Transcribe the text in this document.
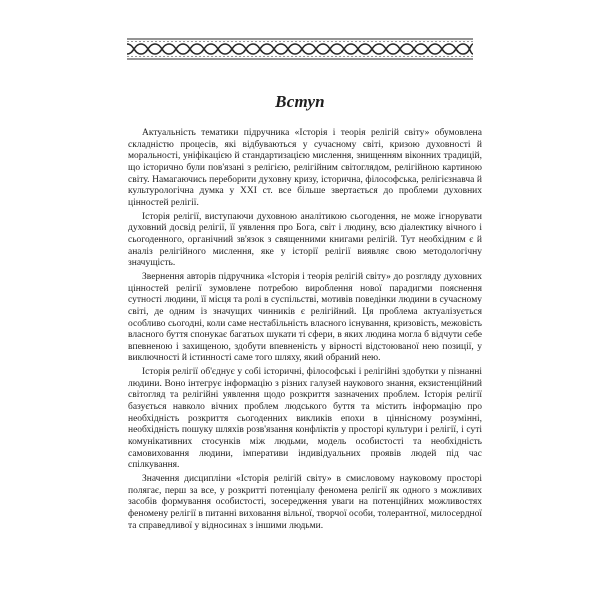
Вступ

Актуальність тематики підручника «Історія і теорія релігій світу» обумовлена складністю процесів, які відбуваються у сучасному світі, кризою духовності й моральності, уніфікацією й стандартизацією мислення, знищенням віконних традицій, що історично були пов'язані з релігією, релігійним світоглядом, релігійною картиною світу. Намагаючись переборити духовну кризу, історична, філософська, релігієзнавча й культурологічна думка у ХХІ ст. все більше звертається до проблеми духовних цінностей релігії.

Історія релігії, виступаючи духовною аналітикою сьогодення, не може ігнорувати духовний досвід релігії, її уявлення про Бога, світ і людину, всю діалектику вічного і сьогоденного, органічний зв'язок з священними книгами релігій. Тут необхідним є й аналіз релігійного мислення, яке у історії релігії виявляє свою методологічну значущість.

Звернення авторів підручника «Історія і теорія релігій світу» до розгляду духовних цінностей релігії зумовлене потребою вироблення нової парадигми пояснення сутності людини, її місця та ролі в суспільстві, мотивів поведінки людини в сучасному світі, де одним із значущих чинників є релігійний. Ця проблема актуалізується особливо сьогодні, коли саме нестабільність власного існування, кризовість, межовість власного буття спонукає багатьох шукати ті сфери, в яких людина могла б відчути себе впевненою і захищеною, здобути впевненість у вірності відстоюваної нею позиції, у виключності й істинності саме того шляху, який обраний нею.

Історія релігії об'єднує у собі історичні, філософські і релігійні здобутки у пізнанні людини. Воно інтегрує інформацію з різних галузей наукового знання, екзистенційний світогляд та релігійні уявлення щодо розкриття зазначених проблем. Історія релігії базується навколо вічних проблем людського буття та містить інформацію про необхідність розкриття сьогоденних викликів епохи в ціннісному розумінні, необхідність пошуку шляхів розв'язання конфліктів у просторі культури і релігії, і суті комунікативних стосунків між людьми, модель особистості та необхідність самовиховання людини, імперативи індивідуальних проявів людей під час спілкування.

Значення дисципліни «Історія релігій світу» в смисловому науковому просторі полягає, перш за все, у розкритті потенціалу феномена релігії як одного з можливих засобів формування особистості, зосередження уваги на потенційних можливостях феномену релігії в питанні виховання вільної, творчої особи, толерантної, милосердної та справедливої у відносинах з іншими людьми.
